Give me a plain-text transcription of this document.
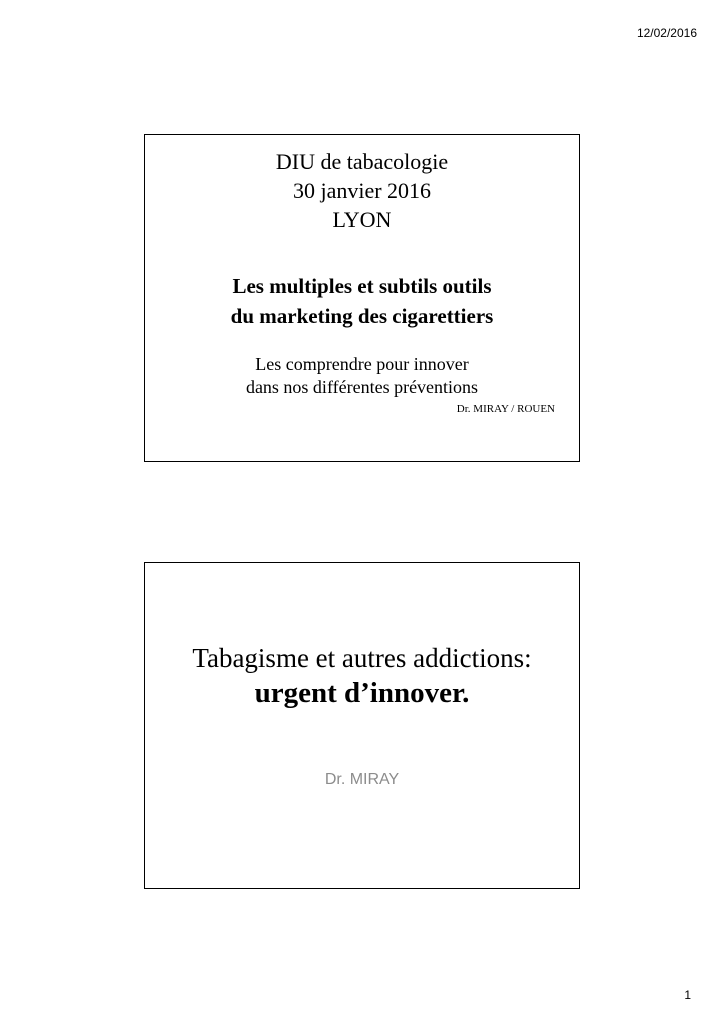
12/02/2016
DIU de tabacologie
30 janvier 2016
LYON
Les multiples et subtils outils
du marketing des cigarettiers
Les comprendre pour innover
dans nos différentes préventions
Dr. MIRAY / ROUEN
Tabagisme et autres addictions:
urgent d’innover.
Dr. MIRAY
1
